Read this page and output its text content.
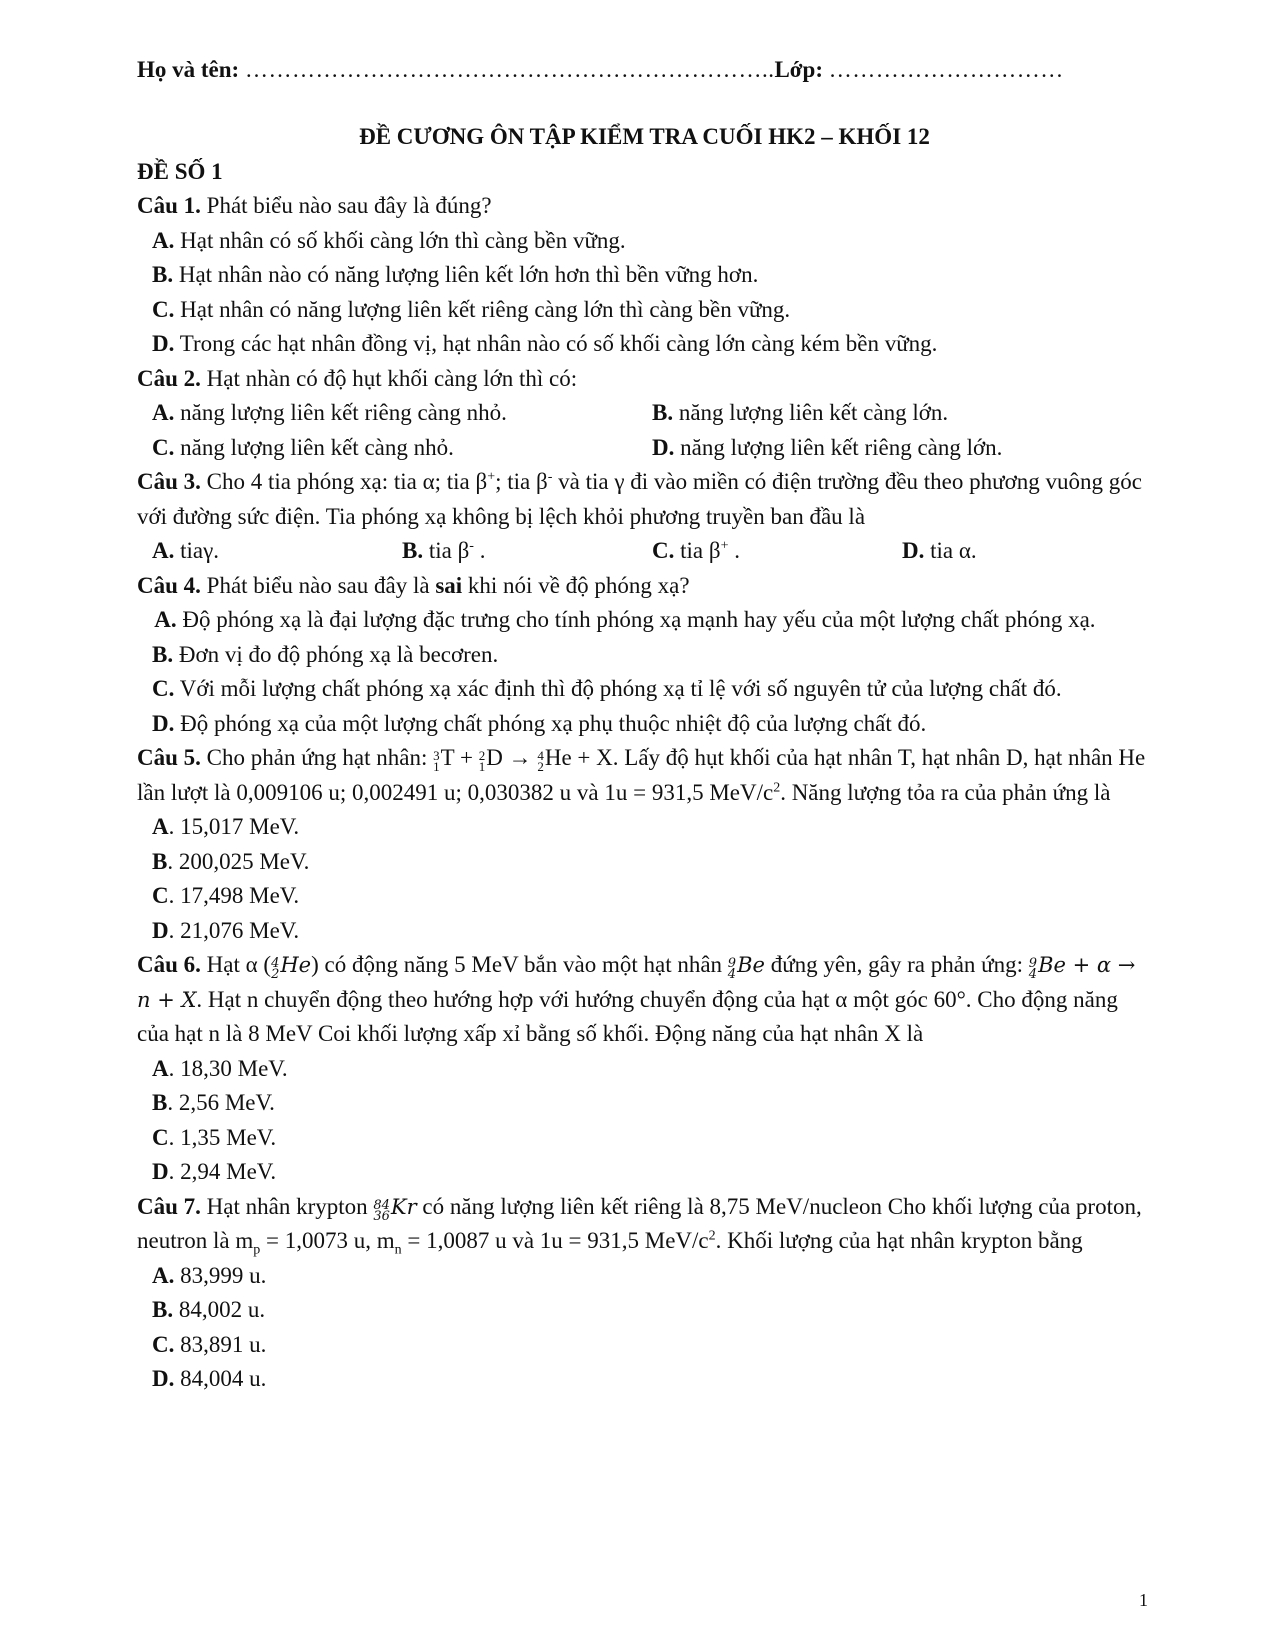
Họ và tên: …………………………………………………………..Lớp: …………………………
ĐỀ CƯƠNG ÔN TẬP KIỂM TRA CUỐI HK2 – KHỐI 12
ĐỀ SỐ 1
Câu 1. Phát biểu nào sau đây là đúng?
A. Hạt nhân có số khối càng lớn thì càng bền vững.
B. Hạt nhân nào có năng lượng liên kết lớn hơn thì bền vững hơn.
C. Hạt nhân có năng lượng liên kết riêng càng lớn thì càng bền vững.
D. Trong các hạt nhân đồng vị, hạt nhân nào có số khối càng lớn càng kém bền vững.
Câu 2. Hạt nhàn có độ hụt khối càng lớn thì có:
A. năng lượng liên kết riêng càng nhỏ.	B. năng lượng liên kết càng lớn.
C. năng lượng liên kết càng nhỏ.	D. năng lượng liên kết riêng càng lớn.
Câu 3. Cho 4 tia phóng xạ: tia α; tia β+; tia β- và tia γ đi vào miền có điện trường đều theo phương vuông góc với đường sức điện. Tia phóng xạ không bị lệch khỏi phương truyền ban đầu là
A. tiaγ.	B. tia β- .	C. tia β+ .	D. tia α.
Câu 4. Phát biểu nào sau đây là sai khi nói về độ phóng xạ?
A. Độ phóng xạ là đại lượng đặc trưng cho tính phóng xạ mạnh hay yếu của một lượng chất phóng xạ.
B. Đơn vị đo độ phóng xạ là becơren.
C. Với mỗi lượng chất phóng xạ xác định thì độ phóng xạ tỉ lệ với số nguyên tử của lượng chất đó.
D. Độ phóng xạ của một lượng chất phóng xạ phụ thuộc nhiệt độ của lượng chất đó.
Câu 5. Cho phản ứng hạt nhân: 3
1 T + 2
1 D → 4
2 He + X. Lấy độ hụt khối của hạt nhân T, hạt nhân D, hạt nhân He lần lượt là 0,009106 u; 0,002491 u; 0,030382 u và 1u = 931,5 MeV/$c^2$. Năng lượng tỏa ra của phản ứng là
A. 15,017 MeV.
B. 200,025 MeV.
C. 17,498 MeV.
D. 21,076 MeV.
Câu 6. Hạt α ( 4
2 He) có động năng 5 MeV bắn vào một hạt nhân 9
4 Be đứng yên, gây ra phản ứng: 9
4 Be + α → n + X. Hạt n chuyển động theo hướng hợp với hướng chuyển động của hạt α một góc 60°. Cho động năng của hạt n là 8 MeV Coi khối lượng xấp xỉ bằng số khối. Động năng của hạt nhân X là
A. 18,30 MeV.
B. 2,56 MeV.
C. 1,35 MeV.
D. 2,94 MeV.
Câu 7. Hạt nhân krypton 84
36 Kr có năng lượng liên kết riêng là 8,75 MeV/nucleon Cho khối lượng của proton, neutron là $m_p = 1,0073$ u, $m_n = 1,0087$ u và 1u = 931,5 MeV/$c^2$. Khối lượng của hạt nhân krypton bằng
A. 83,999 u.
B. 84,002 u.
C. 83,891 u.
D. 84,004 u.
1
